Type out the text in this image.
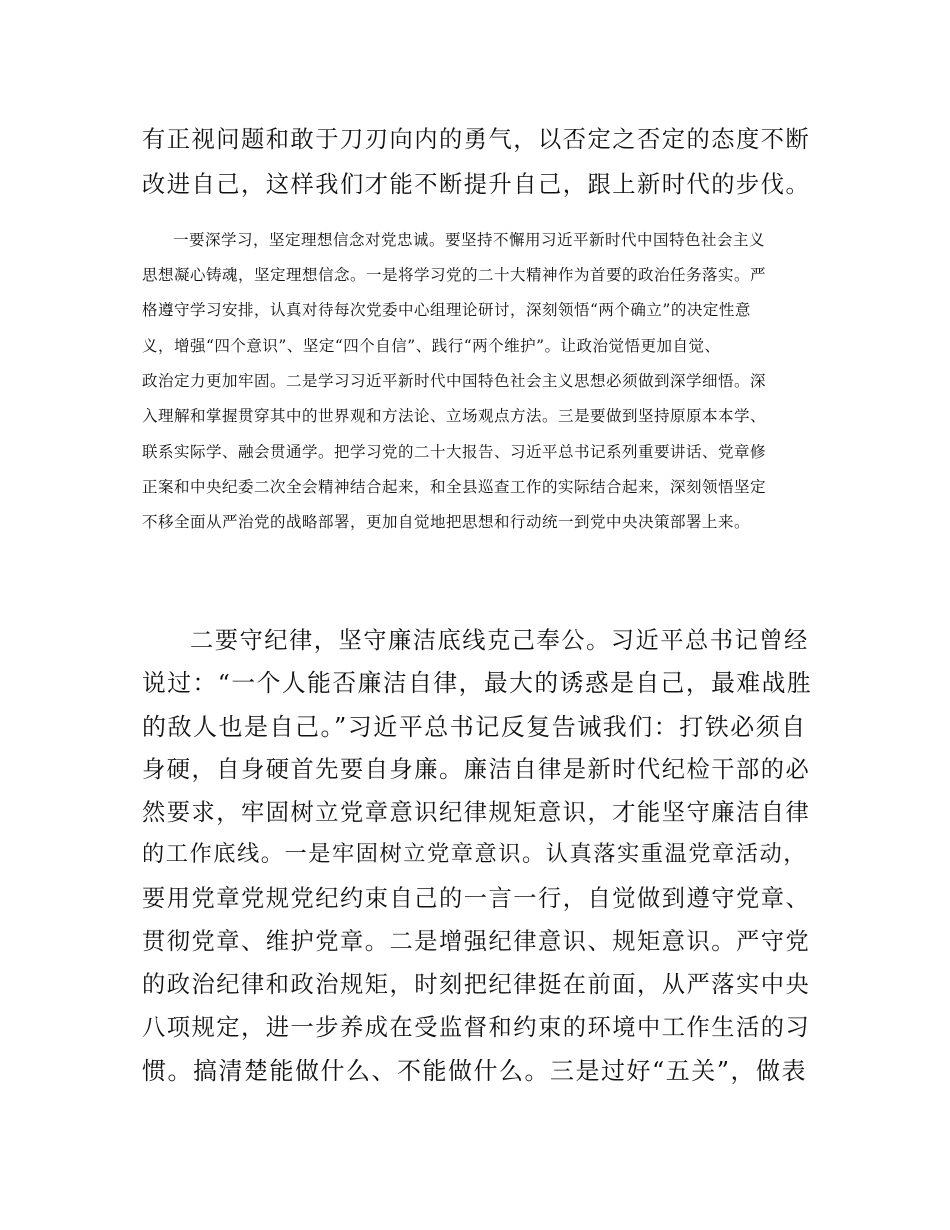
有正视问题和敢于刀刃向内的勇气，以否定之否定的态度不断
改进自己，这样我们才能不断提升自己，跟上新时代的步伐。
一要深学习，坚定理想信念对党忠诚。要坚持不懈用习近平新时代中国特色社会主义
思想凝心铸魂，坚定理想信念。一是将学习党的二十大精神作为首要的政治任务落实。严
格遵守学习安排，认真对待每次党委中心组理论研讨，深刻领悟“两个确立”的决定性意
义，增强“四个意识”、坚定“四个自信”、践行“两个维护”。让政治觉悟更加自觉、
政治定力更加牢固。二是学习习近平新时代中国特色社会主义思想必须做到深学细悟。深
入理解和掌握贯穿其中的世界观和方法论、立场观点方法。三是要做到坚持原原本本学、
联系实际学、融会贯通学。把学习党的二十大报告、习近平总书记系列重要讲话、党章修
正案和中央纪委二次全会精神结合起来，和全县巡查工作的实际结合起来，深刻领悟坚定
不移全面从严治党的战略部署，更加自觉地把思想和行动统一到党中央决策部署上来。
二要守纪律，坚守廉洁底线克己奉公。习近平总书记曾经
说过：“一个人能否廉洁自律，最大的诱惑是自己，最难战胜
的敌人也是自己。”习近平总书记反复告诫我们：打铁必须自
身硬，自身硬首先要自身廉。廉洁自律是新时代纪检干部的必
然要求，牢固树立党章意识纪律规矩意识，才能坚守廉洁自律
的工作底线。一是牢固树立党章意识。认真落实重温党章活动，
要用党章党规党纪约束自己的一言一行，自觉做到遵守党章、
贯彻党章、维护党章。二是增强纪律意识、规矩意识。严守党
的政治纪律和政治规矩，时刻把纪律挺在前面，从严落实中央
八项规定，进一步养成在受监督和约束的环境中工作生活的习
惯。搞清楚能做什么、不能做什么。三是过好“五关”，做表
